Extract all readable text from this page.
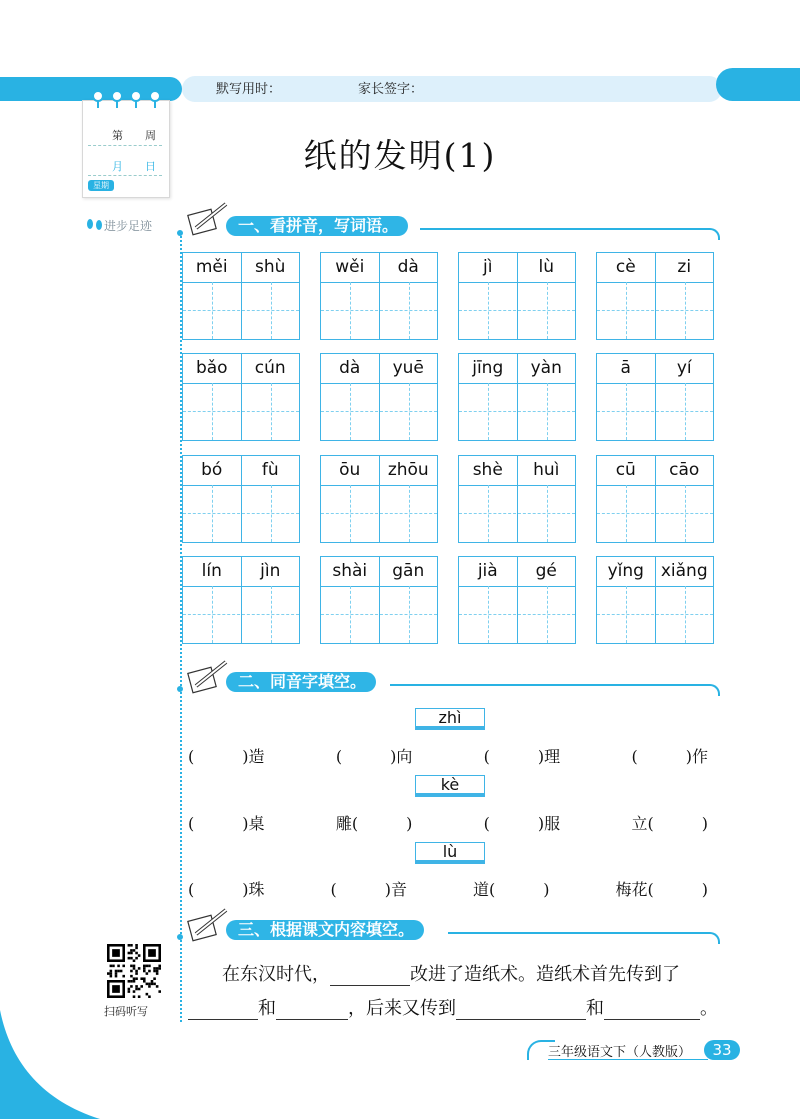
默写用时：	家长签字：
第　　周
月　　日
星期
进步足迹
纸的发明(1)
一、看拼音，写词语。
měi	shù	wěi	dà	jì	lù	cè	zi
bǎo	cún	dà	yuē	jīng	yàn	ā	yí
bó	fù	ōu	zhōu	shè	huì	cū	cāo
lín	jìn	shài	gān	jià	gé	yǐng xiǎng
二、同音字填空。
zhì
(　　　)造	(　　　)向	(　　　)理	(　　　)作
kè
(　　　)桌	雕(　　　)	(　　　)服	立(　　　)
lù
(　　　)珠	(　　　)音	道(　　　)	梅花(　　　)
三、根据课文内容填空。
在东汉时代，	改进了造纸术。造纸术首先传到了
和	，后来又传到	和	。
扫码听写
三年级语文下（人教版）	33
